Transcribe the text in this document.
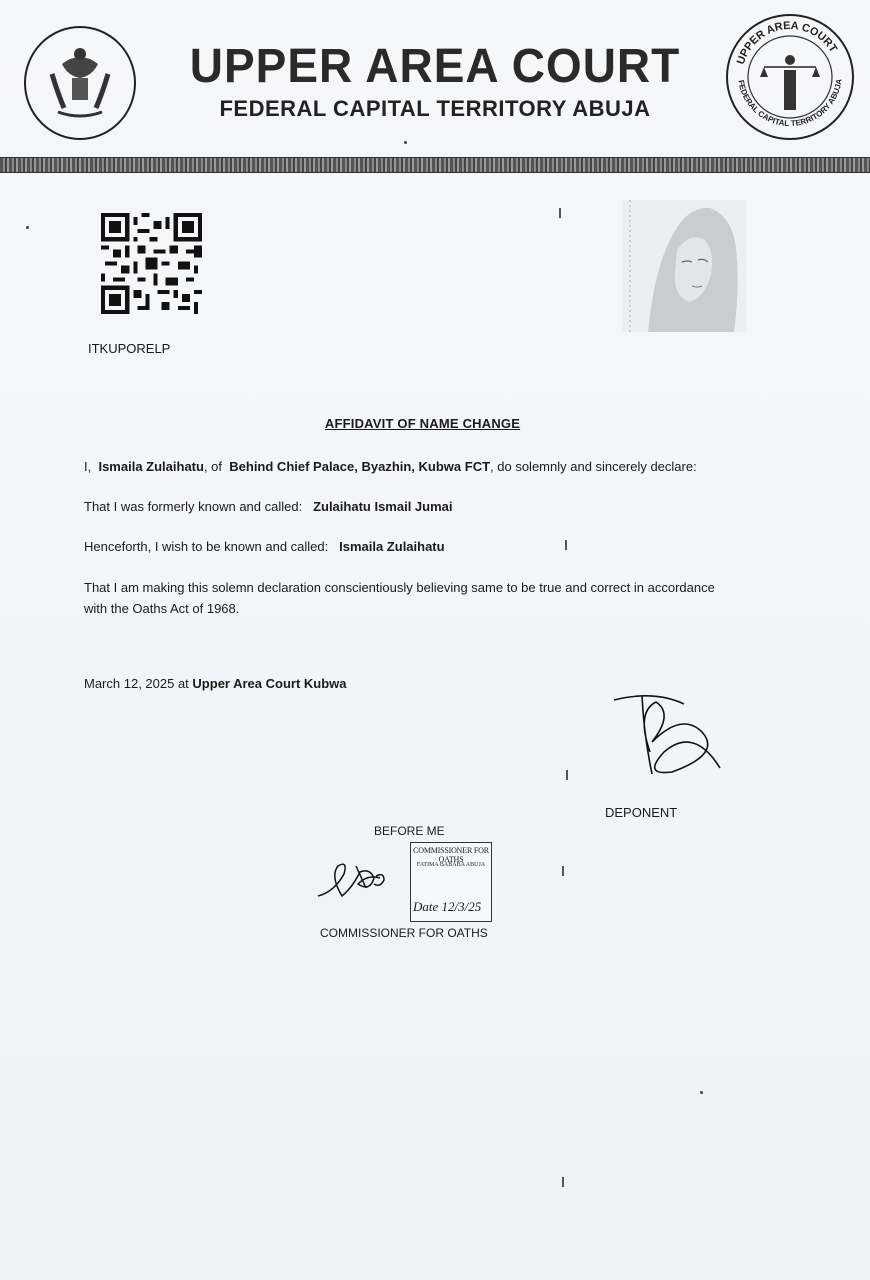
UPPER AREA COURT
FEDERAL CAPITAL TERRITORY ABUJA
UPPER AREA COURT
FEDERAL CAPITAL TERRITORY ABUJA
ITKUPORELP
AFFIDAVIT OF NAME CHANGE
I, Ismaila Zulaihatu, of Behind Chief Palace, Byazhin, Kubwa FCT, do solemnly and sincerely declare:
That I was formerly known and called: Zulaihatu Ismail Jumai
Henceforth, I wish to be known and called: Ismaila Zulaihatu
That I am making this solemn declaration conscientiously believing same to be true and correct in accordance
with the Oaths Act of 1968.
March 12, 2025 at Upper Area Court Kubwa
DEPONENT
BEFORE ME
COMMISSIONER FOR OATHS
FATIMA BABABA ABUJA
Date 12/3/25
COMMISSIONER FOR OATHS
